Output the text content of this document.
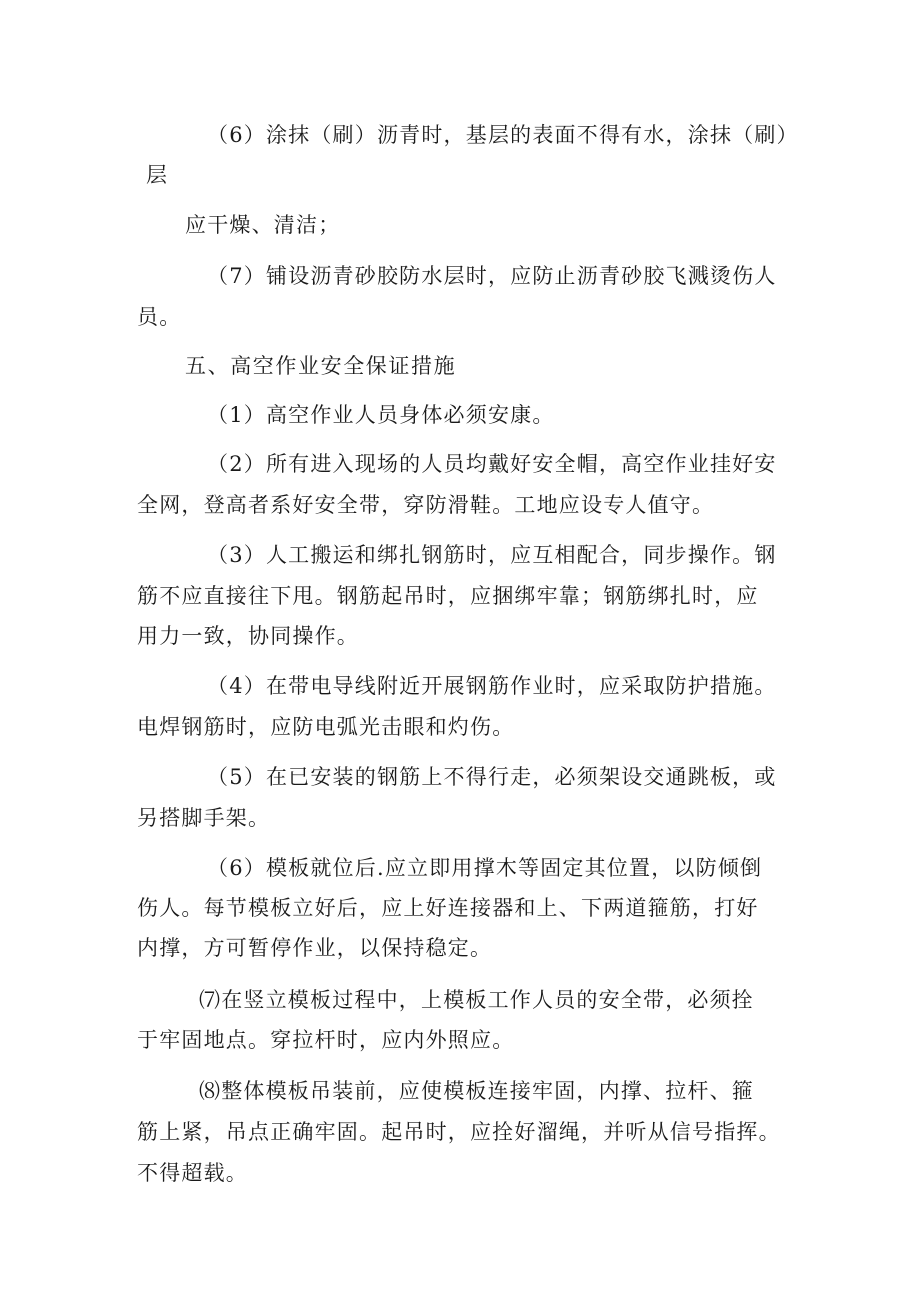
（6）涂抹（刷）沥青时，基层的表面不得有水，涂抹（刷）
层
应干燥、清洁；
（7）铺设沥青砂胶防水层时，应防止沥青砂胶飞溅烫伤人
员。
五、高空作业安全保证措施
（1）高空作业人员身体必须安康。
（2）所有进入现场的人员均戴好安全帽，高空作业挂好安
全网，登高者系好安全带，穿防滑鞋。工地应设专人值守。
（3）人工搬运和绑扎钢筋时，应互相配合，同步操作。钢
筋不应直接往下甩。钢筋起吊时，应捆绑牢靠；钢筋绑扎时，应
用力一致，协同操作。
（4）在带电导线附近开展钢筋作业时，应采取防护措施。
电焊钢筋时，应防电弧光击眼和灼伤。
（5）在已安装的钢筋上不得行走，必须架设交通跳板，或
另搭脚手架。
（6）模板就位后.应立即用撑木等固定其位置，以防倾倒
伤人。每节模板立好后，应上好连接器和上、下两道箍筋，打好
内撑，方可暂停作业，以保持稳定。
⑺在竖立模板过程中，上模板工作人员的安全带，必须拴
于牢固地点。穿拉杆时，应内外照应。
⑻整体模板吊装前，应使模板连接牢固，内撑、拉杆、箍
筋上紧，吊点正确牢固。起吊时，应拴好溜绳，并听从信号指挥。
不得超载。
